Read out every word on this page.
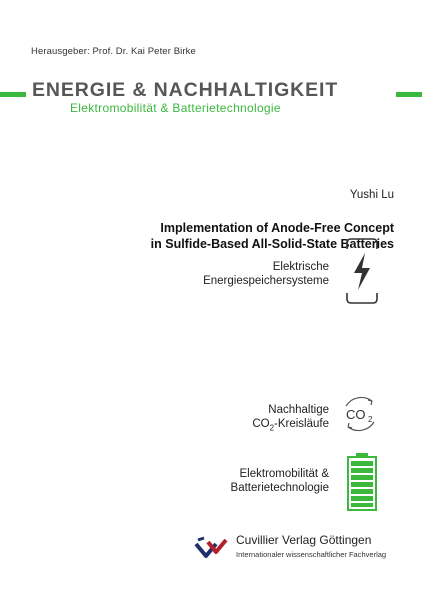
Herausgeber: Prof. Dr. Kai Peter Birke
ENERGIE & NACHHALTIGKEIT
Elektromobilität & Batterietechnologie
Yushi Lu
Implementation of Anode-Free Concept
in Sulfide-Based All-Solid-State Batteries
Elektrische
Energiespeichersysteme
Nachhaltige
$CO_2$-Kreisläufe
CO 2
Elektromobilität &
Batterietechnologie
Cuvillier Verlag Göttingen
Internationaler wissenschaftlicher Fachverlag
